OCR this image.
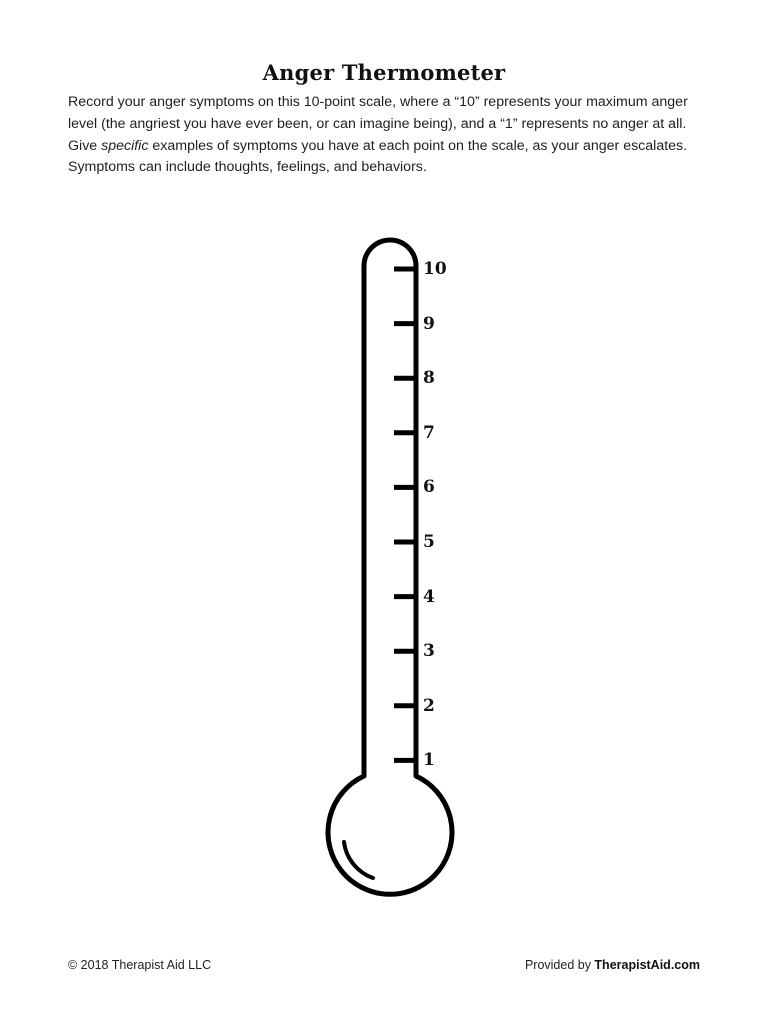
Anger Thermometer

Record your anger symptoms on this 10-point scale, where a “10” represents your maximum anger level (the angriest you have ever been, or can imagine being), and a “1” represents no anger at all. Give specific examples of symptoms you have at each point on the scale, as your anger escalates. Symptoms can include thoughts, feelings, and behaviors.

10
9
8
7
6
5
4
3
2
1
© 2018 Therapist Aid LLC	Provided by TherapistAid.com
